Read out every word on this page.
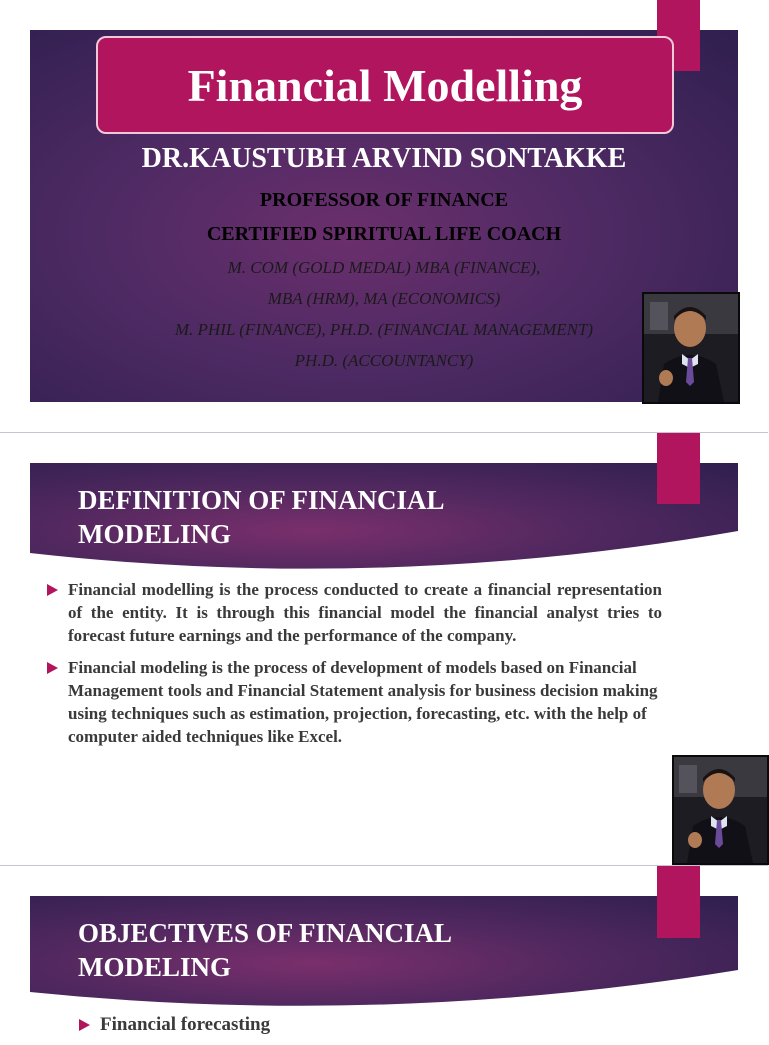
Financial Modelling
DR.KAUSTUBH ARVIND SONTAKKE
PROFESSOR OF FINANCE
CERTIFIED SPIRITUAL LIFE COACH
M. COM (GOLD MEDAL) MBA (FINANCE),
MBA (HRM), MA (ECONOMICS)
M. PHIL (FINANCE), PH.D. (FINANCIAL MANAGEMENT)
PH.D. (ACCOUNTANCY)
DEFINITION OF FINANCIAL
MODELING
Financial modelling is the process conducted to create a financial representation of the entity. It is through this financial model the financial analyst tries to forecast future earnings and the performance of the company.
Financial modeling is the process of development of models based on Financial Management tools and Financial Statement analysis for business decision making using techniques such as estimation, projection, forecasting, etc. with the help of computer aided techniques like Excel.
OBJECTIVES OF FINANCIAL
MODELING
Financial forecasting
